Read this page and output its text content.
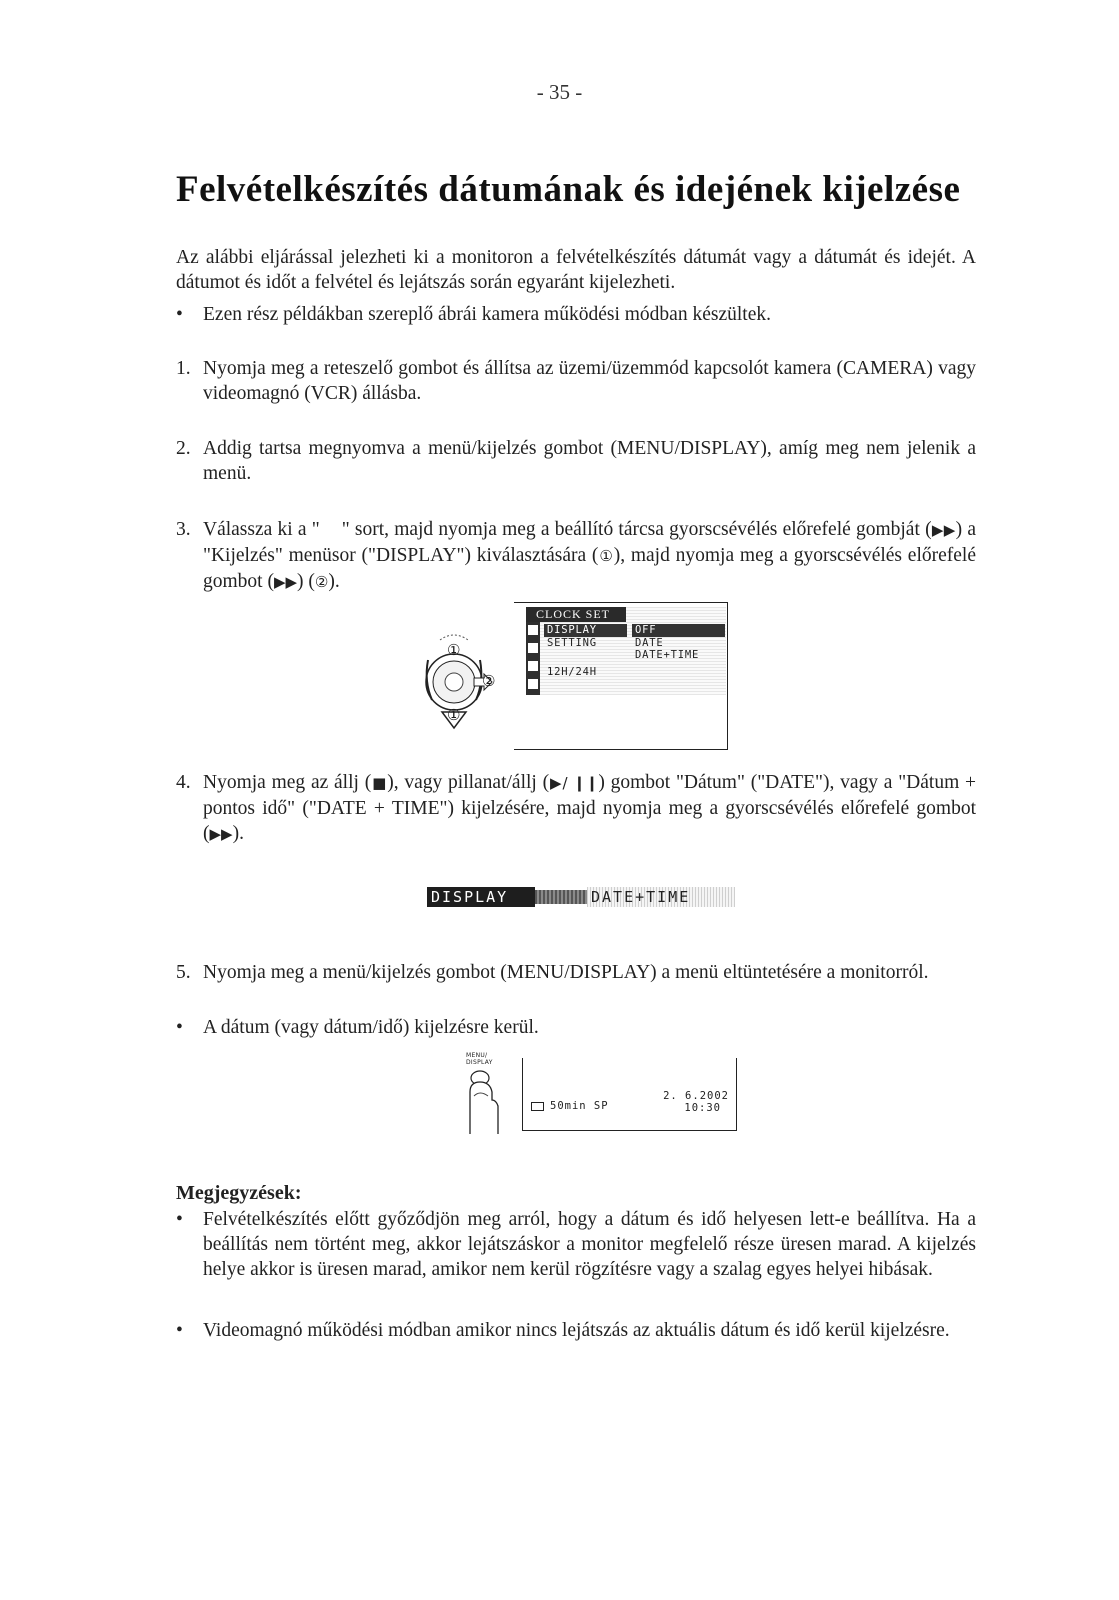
- 35 -
Felvételkészítés dátumának és idejének kijelzése
Az alábbi eljárással jelezheti ki a monitoron a felvételkészítés dátumát vagy a dátumát és idejét. A dátumot és időt a felvétel és lejátszás során egyaránt kijelezheti.
•	Ezen rész példákban szereplő ábrái kamera működési módban készültek.
1. Nyomja meg a reteszelő gombot és állítsa az üzemi/üzemmód kapcsolót kamera (CAMERA) vagy videomagnó (VCR) állásba.
2. Addig tartsa megnyomva a menü/kijelzés gombot (MENU/DISPLAY), amíg meg nem jelenik a menü.
3. Válassza ki a " " sort, majd nyomja meg a beállító tárcsa gyorscsévélés előrefelé gombját (▶▶) a "Kijelzés" menüsor ("DISPLAY") kiválasztására (①), majd nyomja meg a gyorscsévélés előrefelé gombot (▶▶) (②).
①
②
①
CLOCK SET
DISPLAY
SETTING
12H/24H
OFF
DATE
DATE+TIME
4. Nyomja meg az állj (■), vagy pillanat/állj (▶/ ❙❙) gombot "Dátum" ("DATE"), vagy a "Dátum + pontos idő" ("DATE + TIME") kijelzésére, majd nyomja meg a gyorscsévélés előrefelé gombot (▶▶).
DISPLAY	DATE+TIME
5. Nyomja meg a menü/kijelzés gombot (MENU/DISPLAY) a menü eltüntetésére a monitorról.
•	A dátum (vagy dátum/idő) kijelzésre kerül.
MENU/
DISPLAY
50min SP
2. 6.2002
10:30
Megjegyzések:
•	Felvételkészítés előtt győződjön meg arról, hogy a dátum és idő helyesen lett-e beállítva. Ha a beállítás nem történt meg, akkor lejátszáskor a monitor megfelelő része üresen marad. A kijelzés helye akkor is üresen marad, amikor nem kerül rögzítésre vagy a szalag egyes helyei hibásak.
•	Videomagnó működési módban amikor nincs lejátszás az aktuális dátum és idő kerül kijelzésre.
